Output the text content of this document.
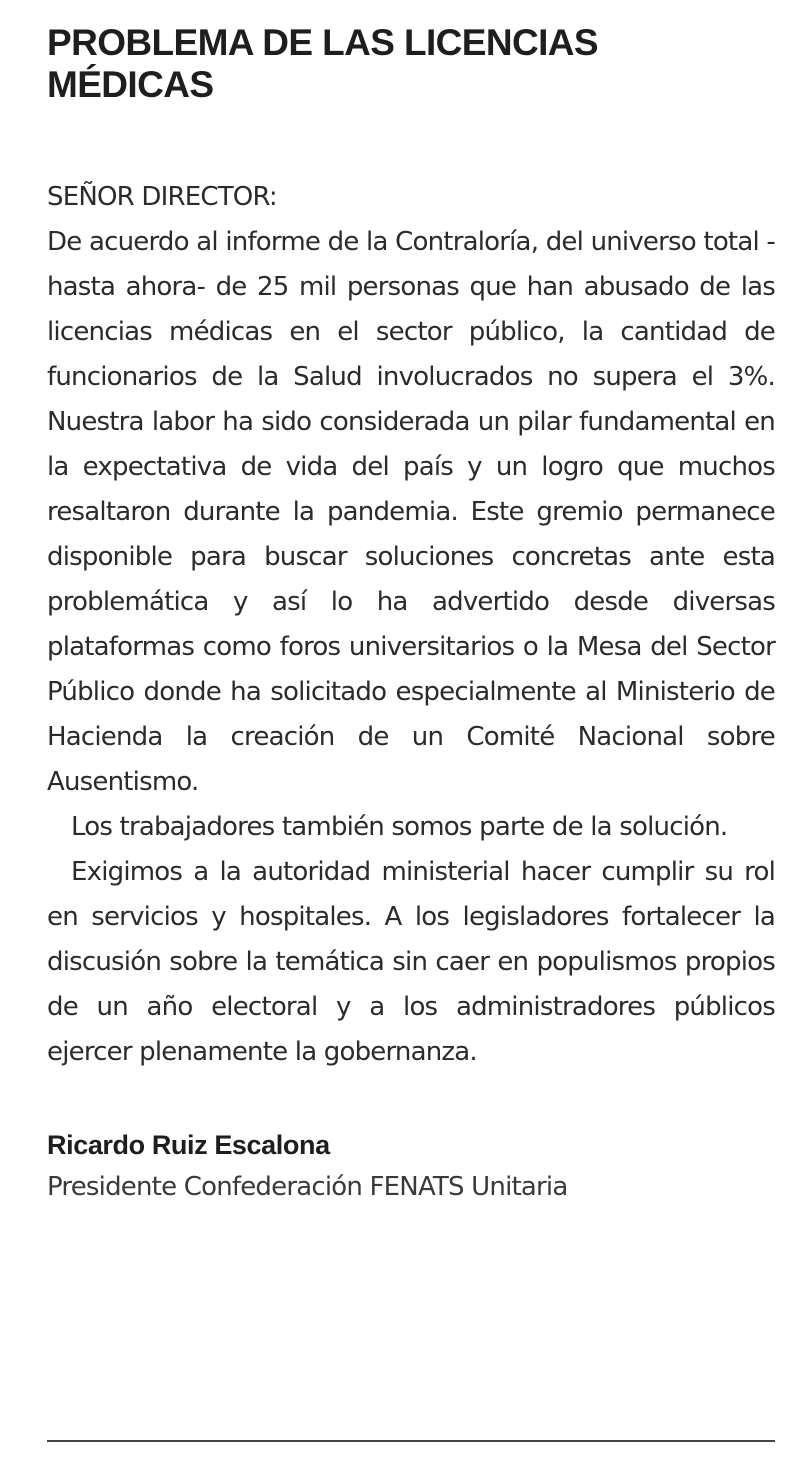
PROBLEMA DE LAS LICENCIAS
MÉDICAS
SEÑOR DIRECTOR:

De acuerdo al informe de la Contraloría, del universo total -hasta ahora- de 25 mil personas que han abusado de las licencias médicas en el sector público, la cantidad de funcionarios de la Salud involucrados no supera el 3%. Nuestra labor ha sido considerada un pilar fundamental en la expectativa de vida del país y un logro que muchos resaltaron durante la pandemia. Este gremio permanece disponible para buscar soluciones concretas ante esta problemática y así lo ha advertido desde diversas plataformas como foros universitarios o la Mesa del Sector Público donde ha solicitado especialmente al Ministerio de Hacienda la creación de un Comité Nacional sobre Ausentismo.

Los trabajadores también somos parte de la solución.

Exigimos a la autoridad ministerial hacer cumplir su rol en servicios y hospitales. A los legisladores fortalecer la discusión sobre la temática sin caer en populismos propios de un año electoral y a los administradores públicos ejercer plenamente la gobernanza.

Ricardo Ruiz Escalona
Presidente Confederación FENATS Unitaria
